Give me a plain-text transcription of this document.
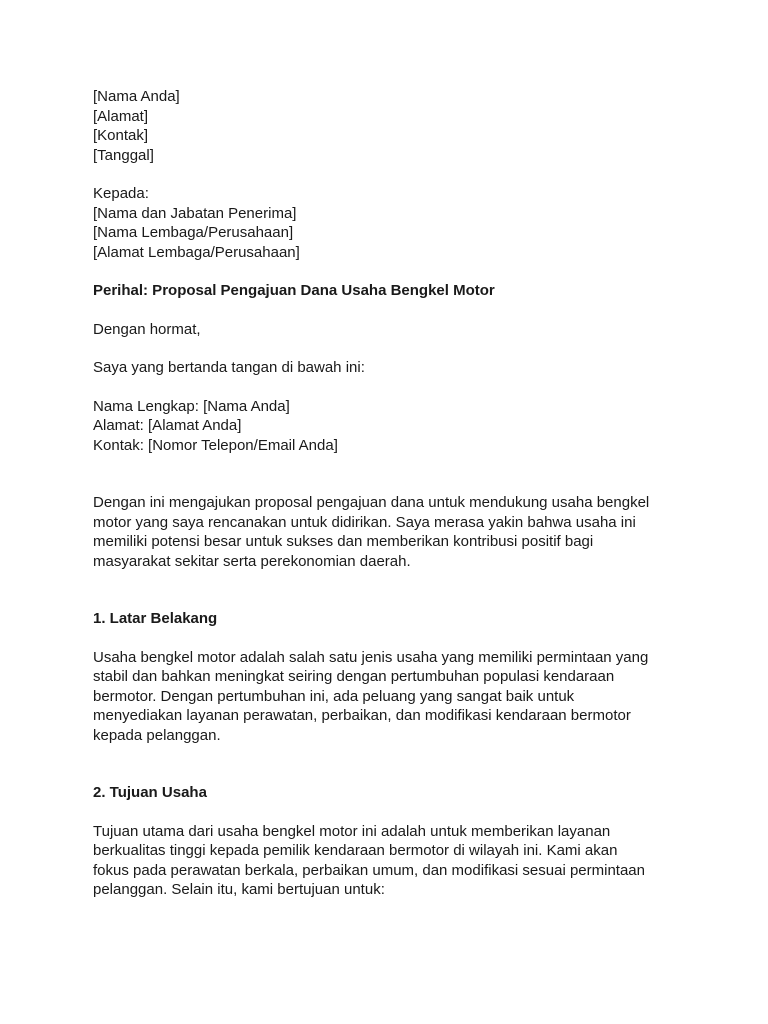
[Nama Anda]
[Alamat]
[Kontak]
[Tanggal]
Kepada:
[Nama dan Jabatan Penerima]
[Nama Lembaga/Perusahaan]
[Alamat Lembaga/Perusahaan]
Perihal: Proposal Pengajuan Dana Usaha Bengkel Motor
Dengan hormat,
Saya yang bertanda tangan di bawah ini:
Nama Lengkap: [Nama Anda]
Alamat: [Alamat Anda]
Kontak: [Nomor Telepon/Email Anda]
Dengan ini mengajukan proposal pengajuan dana untuk mendukung usaha bengkel
motor yang saya rencanakan untuk didirikan. Saya merasa yakin bahwa usaha ini
memiliki potensi besar untuk sukses dan memberikan kontribusi positif bagi
masyarakat sekitar serta perekonomian daerah.
1. Latar Belakang
Usaha bengkel motor adalah salah satu jenis usaha yang memiliki permintaan yang
stabil dan bahkan meningkat seiring dengan pertumbuhan populasi kendaraan
bermotor. Dengan pertumbuhan ini, ada peluang yang sangat baik untuk
menyediakan layanan perawatan, perbaikan, dan modifikasi kendaraan bermotor
kepada pelanggan.
2. Tujuan Usaha
Tujuan utama dari usaha bengkel motor ini adalah untuk memberikan layanan
berkualitas tinggi kepada pemilik kendaraan bermotor di wilayah ini. Kami akan
fokus pada perawatan berkala, perbaikan umum, dan modifikasi sesuai permintaan
pelanggan. Selain itu, kami bertujuan untuk:
